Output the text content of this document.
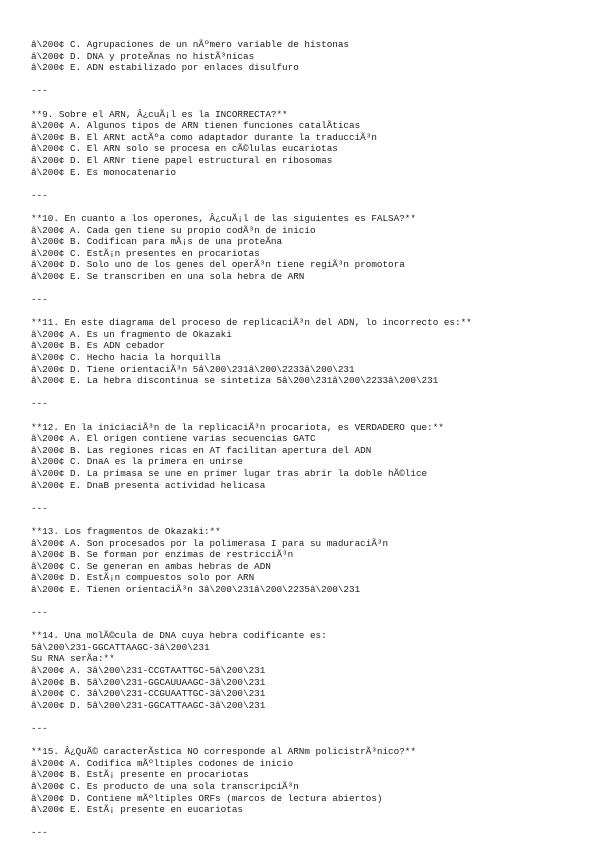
â\200¢ C. Agrupaciones de un nÃºmero variable de histonas
â\200¢ D. DNA y proteÃnas no histÃ³nicas
â\200¢ E. ADN estabilizado por enlaces disulfuro
---
**9. Sobre el ARN, Â¿cuÃ¡l es la INCORRECTA?**
â\200¢ A. Algunos tipos de ARN tienen funciones catalÃticas
â\200¢ B. El ARNt actÃºa como adaptador durante la traducciÃ³n
â\200¢ C. El ARN solo se procesa en cÃ©lulas eucariotas
â\200¢ D. El ARNr tiene papel estructural en ribosomas
â\200¢ E. Es monocatenario
---
**10. En cuanto a los operones, Â¿cuÃ¡l de las siguientes es FALSA?**
â\200¢ A. Cada gen tiene su propio codÃ³n de inicio
â\200¢ B. Codifican para mÃ¡s de una proteÃna
â\200¢ C. EstÃ¡n presentes en procariotas
â\200¢ D. Solo uno de los genes del operÃ³n tiene regiÃ³n promotora
â\200¢ E. Se transcriben en una sola hebra de ARN
---
**11. En este diagrama del proceso de replicaciÃ³n del ADN, lo incorrecto es:**
â\200¢ A. Es un fragmento de Okazaki
â\200¢ B. Es ADN cebador
â\200¢ C. Hecho hacia la horquilla
â\200¢ D. Tiene orientaciÃ³n 5â\200\231â\200\2233â\200\231
â\200¢ E. La hebra discontinua se sintetiza 5â\200\231â\200\2233â\200\231
---
**12. En la iniciaciÃ³n de la replicaciÃ³n procariota, es VERDADERO que:**
â\200¢ A. El origen contiene varias secuencias GATC
â\200¢ B. Las regiones ricas en AT facilitan apertura del ADN
â\200¢ C. DnaA es la primera en unirse
â\200¢ D. La primasa se une en primer lugar tras abrir la doble hÃ©lice
â\200¢ E. DnaB presenta actividad helicasa
---
**13. Los fragmentos de Okazaki:**
â\200¢ A. Son procesados por la polimerasa I para su maduraciÃ³n
â\200¢ B. Se forman por enzimas de restricciÃ³n
â\200¢ C. Se generan en ambas hebras de ADN
â\200¢ D. EstÃ¡n compuestos solo por ARN
â\200¢ E. Tienen orientaciÃ³n 3â\200\231â\200\2235â\200\231
---
**14. Una molÃ©cula de DNA cuya hebra codificante es:
5â\200\231-GGCATTAAGC-3â\200\231
Su RNA serÃa:**
â\200¢ A. 3â\200\231-CCGTAATTGC-5â\200\231
â\200¢ B. 5â\200\231-GGCAUUAAGC-3â\200\231
â\200¢ C. 3â\200\231-CCGUAATTGC-3â\200\231
â\200¢ D. 5â\200\231-GGCATTAAGC-3â\200\231
---
**15. Â¿QuÃ© caracterÃstica NO corresponde al ARNm policistrÃ³nico?**
â\200¢ A. Codifica mÃºltiples codones de inicio
â\200¢ B. EstÃ¡ presente en procariotas
â\200¢ C. Es producto de una sola transcripciÃ³n
â\200¢ D. Contiene mÃºltiples ORFs (marcos de lectura abiertos)
â\200¢ E. EstÃ¡ presente en eucariotas
---
